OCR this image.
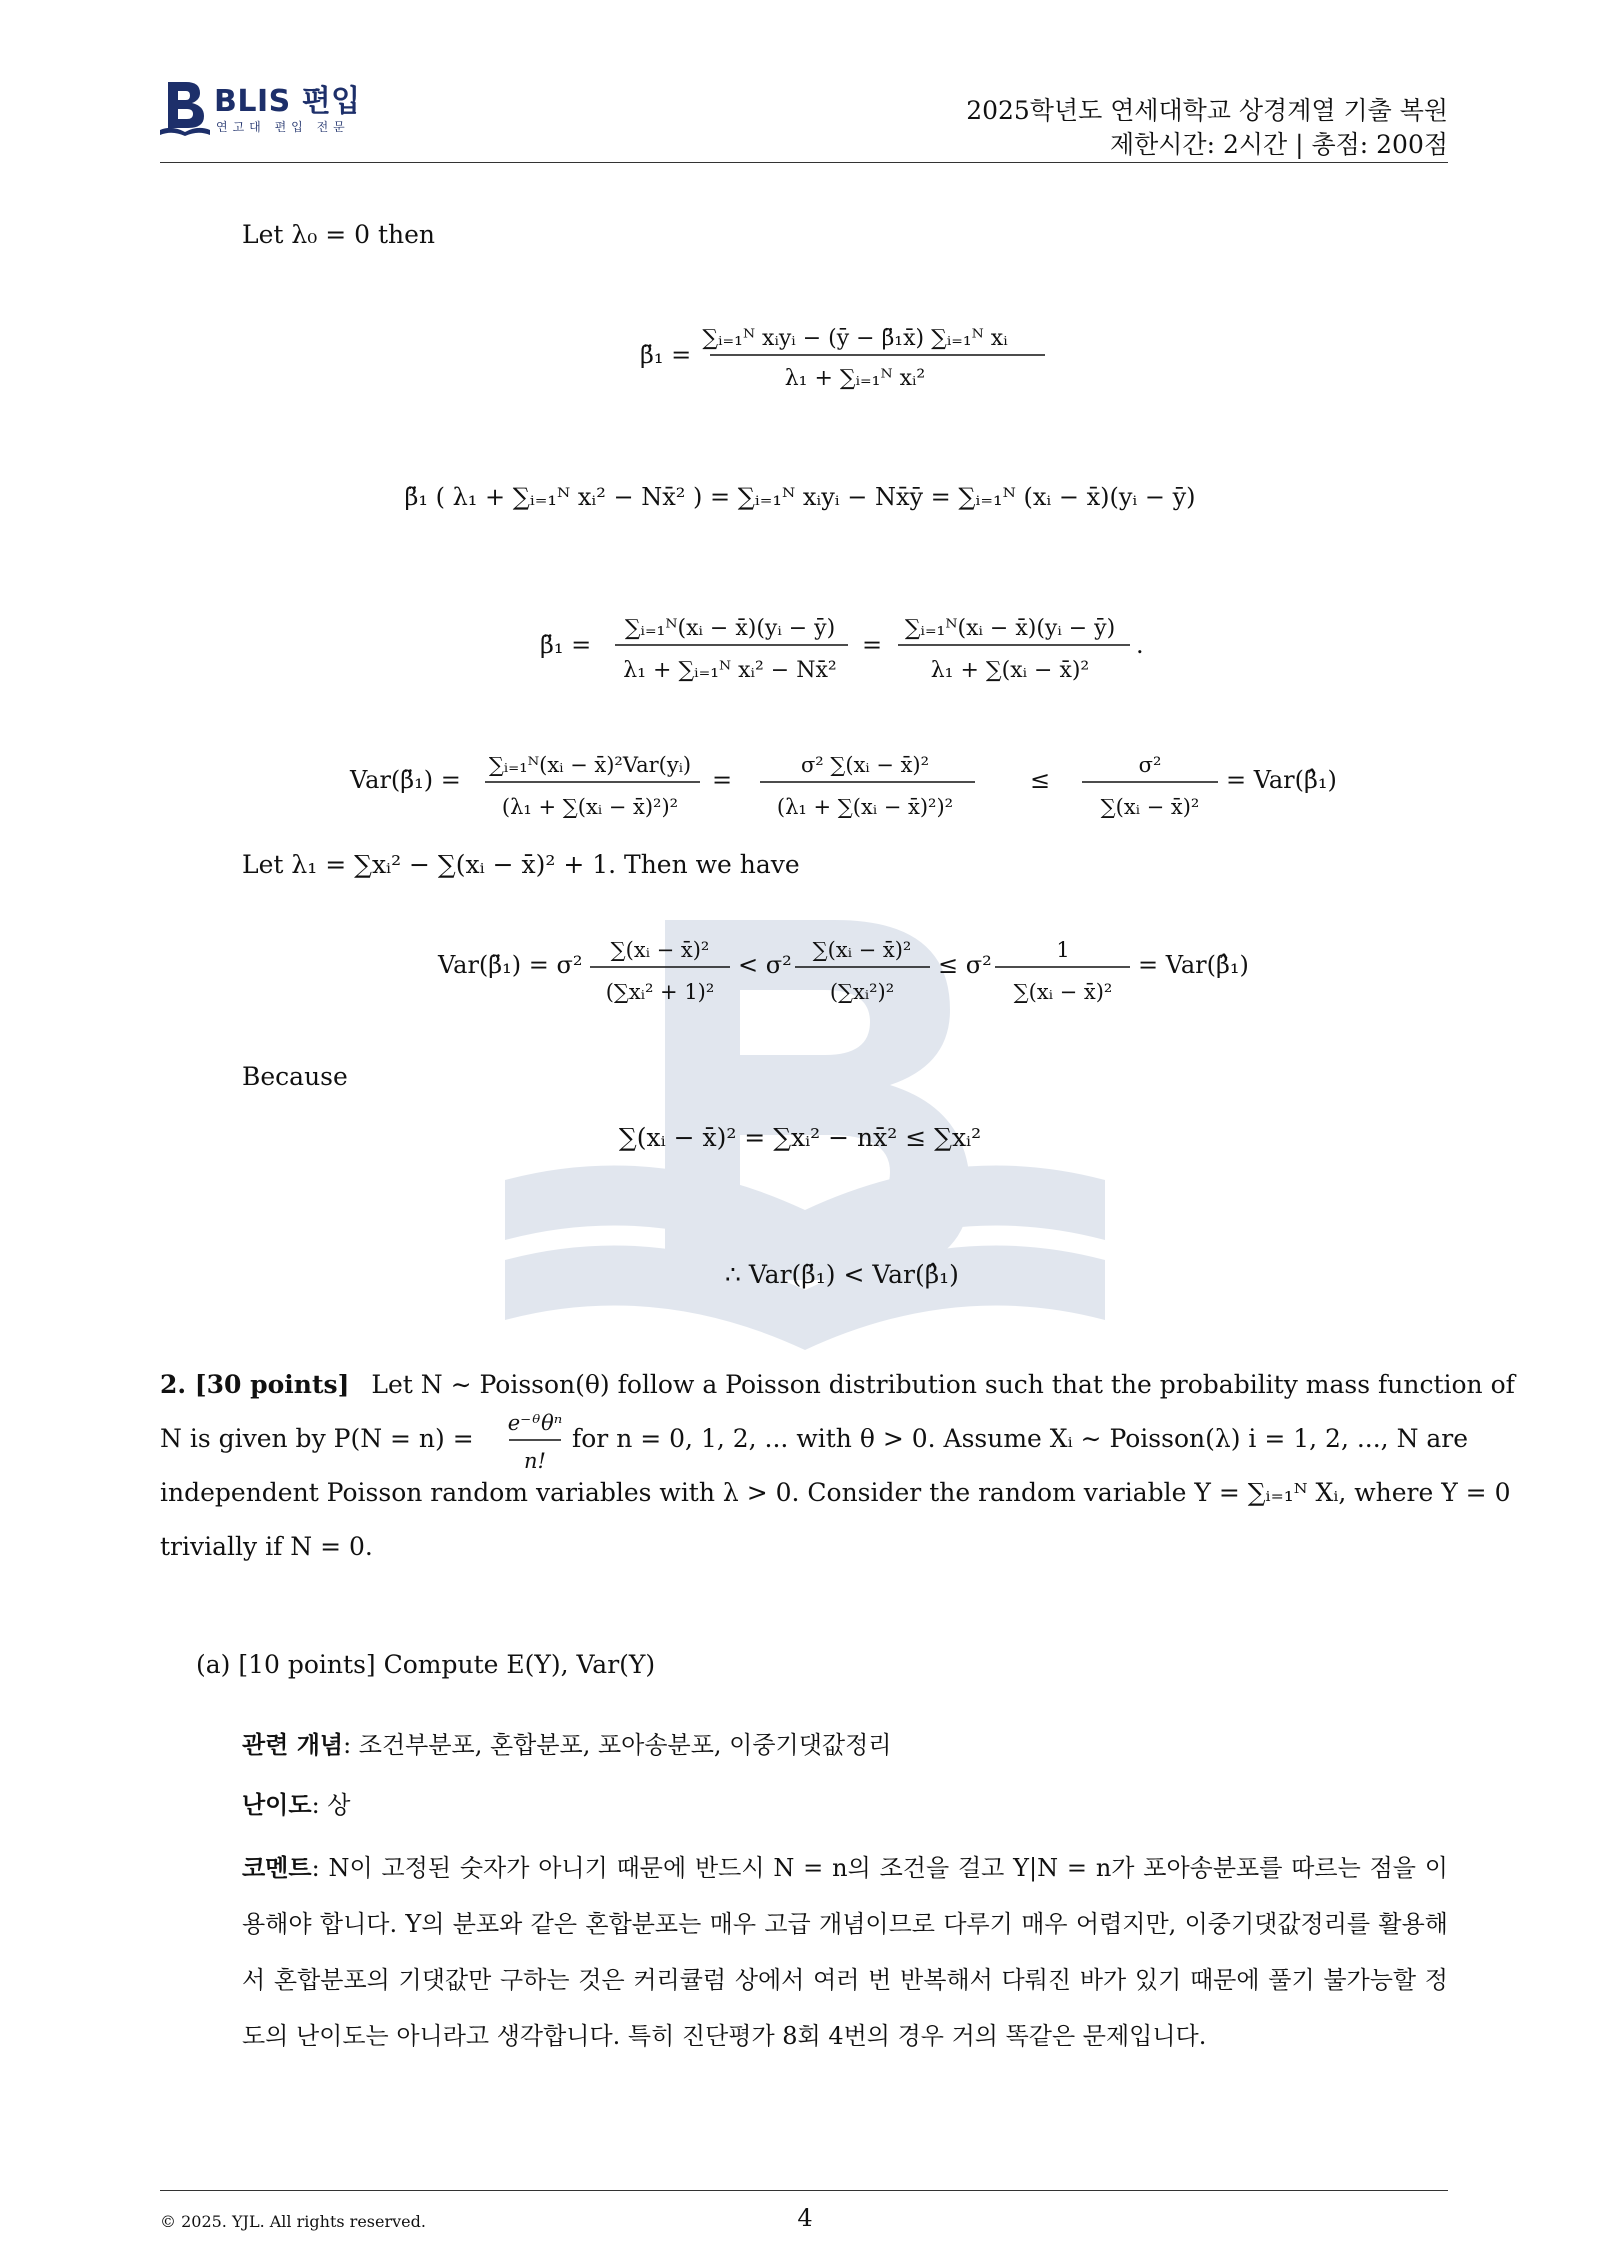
BLIS 편입
연고대 편입 전문
2025학년도 연세대학교 상경계열 기출 복원
제한시간: 2시간 | 총점: 200점
Let λ₀ = 0 then
β̈₁ =
∑ᵢ₌₁ᴺ xᵢyᵢ − (ȳ − β̈₁x̄) ∑ᵢ₌₁ᴺ xᵢ
λ₁ + ∑ᵢ₌₁ᴺ xᵢ²
β̈₁ ( λ₁ + ∑ᵢ₌₁ᴺ xᵢ² − Nx̄² ) = ∑ᵢ₌₁ᴺ xᵢyᵢ − Nx̄ȳ = ∑ᵢ₌₁ᴺ (xᵢ − x̄)(yᵢ − ȳ)
β̈₁ =
∑ᵢ₌₁ᴺ(xᵢ − x̄)(yᵢ − ȳ)
λ₁ + ∑ᵢ₌₁ᴺ xᵢ² − Nx̄²
=
∑ᵢ₌₁ᴺ(xᵢ − x̄)(yᵢ − ȳ)
λ₁ + ∑(xᵢ − x̄)²
.
Var(β̈₁) =
∑ᵢ₌₁ᴺ(xᵢ − x̄)²Var(yᵢ)
(λ₁ + ∑(xᵢ − x̄)²)²
=
σ² ∑(xᵢ − x̄)²
(λ₁ + ∑(xᵢ − x̄)²)²
≤
σ²
∑(xᵢ − x̄)²
= Var(β̂₁)
Let λ₁ = ∑xᵢ² − ∑(xᵢ − x̄)² + 1. Then we have
Var(β̈₁) = σ²
∑(xᵢ − x̄)²
(∑xᵢ² + 1)²
< σ²
∑(xᵢ − x̄)²
(∑xᵢ²)²
≤ σ²
1
∑(xᵢ − x̄)²
= Var(β̂₁)
Because
∑(xᵢ − x̄)² = ∑xᵢ² − nx̄² ≤ ∑xᵢ²
∴ Var(β̈₁) < Var(β̂₁)
2. [30 points] Let N ∼ Poisson(θ) follow a Poisson distribution such that the probability mass function of
N is given by P(N = n) =
e⁻ᶿθⁿ
n!
for n = 0, 1, 2, ... with θ > 0. Assume Xᵢ ∼ Poisson(λ) i = 1, 2, ..., N are
independent Poisson random variables with λ > 0. Consider the random variable Y = ∑ᵢ₌₁ᴺ Xᵢ, where Y = 0
trivially if N = 0.
(a) [10 points] Compute E(Y), Var(Y)
관련 개념: 조건부분포, 혼합분포, 포아송분포, 이중기댓값정리
난이도: 상
코멘트: N이 고정된 숫자가 아니기 때문에 반드시 N = n의 조건을 걸고 Y|N = n가 포아송분포를 따르는 점을 이용해야 합니다. Y의 분포와 같은 혼합분포는 매우 고급 개념이므로 다루기 매우 어렵지만, 이중기댓값정리를 활용해서 혼합분포의 기댓값만 구하는 것은 커리큘럼 상에서 여러 번 반복해서 다뤄진 바가 있기 때문에 풀기 불가능할 정도의 난이도는 아니라고 생각합니다. 특히 진단평가 8회 4번의 경우 거의 똑같은 문제입니다.
© 2025. YJL. All rights reserved.	4
